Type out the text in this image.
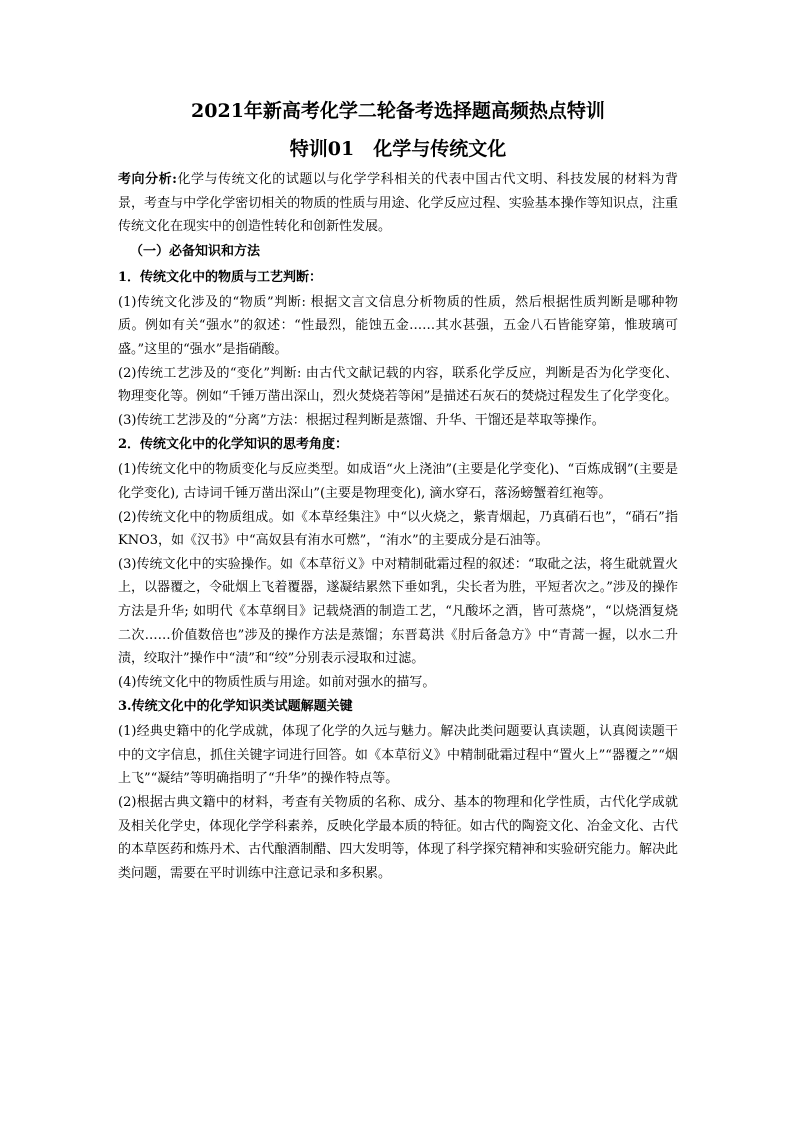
2021年新高考化学二轮备考选择题高频热点特训
特训01　化学与传统文化

考向分析:化学与传统文化的试题以与化学学科相关的代表中国古代文明、科技发展的材料为背景，考查与中学化学密切相关的物质的性质与用途、化学反应过程、实验基本操作等知识点，注重传统文化在现实中的创造性转化和创新性发展。

（一）必备知识和方法
1．传统文化中的物质与工艺判断：

(1)传统文化涉及的“物质”判断: 根据文言文信息分析物质的性质，然后根据性质判断是哪种物质。例如有关“强水”的叙述：“性最烈，能蚀五金……其水甚强，五金八石皆能穿第，惟玻璃可盛。”这里的“强水”是指硝酸。

(2)传统工艺涉及的“变化”判断: 由古代文献记载的内容，联系化学反应，判断是否为化学变化、物理变化等。例如“千锤万凿出深山，烈火焚烧若等闲”是描述石灰石的焚烧过程发生了化学变化。

(3)传统工艺涉及的“分离”方法：根据过程判断是蒸馏、升华、干馏还是萃取等操作。

2．传统文化中的化学知识的思考角度：

(1)传统文化中的物质变化与反应类型。如成语“火上浇油”(主要是化学变化)、“百炼成钢”(主要是化学变化), 古诗词千锤万凿出深山”(主要是物理变化), 滴水穿石，落汤螃蟹着红袍等。

(2)传统文化中的物质组成。如《本草经集注》中“以火烧之，紫青烟起，乃真硝石也”，“硝石”指KNO3，如《汉书》中“高奴县有洧水可燃”，“洧水”的主要成分是石油等。

(3)传统文化中的实验操作。如《本草衍义》中对精制砒霜过程的叙述：“取砒之法，将生砒就置火上，以器覆之，令砒烟上飞着覆器，遂凝结累然下垂如乳，尖长者为胜，平短者次之。”涉及的操作方法是升华; 如明代《本草纲目》记载烧酒的制造工艺，“凡酸坏之酒，皆可蒸烧”，“以烧酒复烧二次……价值数倍也”涉及的操作方法是蒸馏；东晋葛洪《肘后备急方》中“青蒿一握，以水二升渍，绞取汁”操作中“渍”和“绞”分别表示浸取和过滤。

(4)传统文化中的物质性质与用途。如前对强水的描写。

3.传统文化中的化学知识类试题解题关键

(1)经典史籍中的化学成就，体现了化学的久远与魅力。解决此类问题要认真读题，认真阅读题干中的文字信息，抓住关键字词进行回答。如《本草衍义》中精制砒霜过程中“置火上”“器覆之”“烟上飞”“凝结”等明确指明了“升华”的操作特点等。

(2)根据古典文籍中的材料，考查有关物质的名称、成分、基本的物理和化学性质，古代化学成就及相关化学史，体现化学学科素养，反映化学最本质的特征。如古代的陶瓷文化、冶金文化、古代的本草医药和炼丹术、古代酿酒制醋、四大发明等，体现了科学探究精神和实验研究能力。解决此类问题，需要在平时训练中注意记录和多积累。
